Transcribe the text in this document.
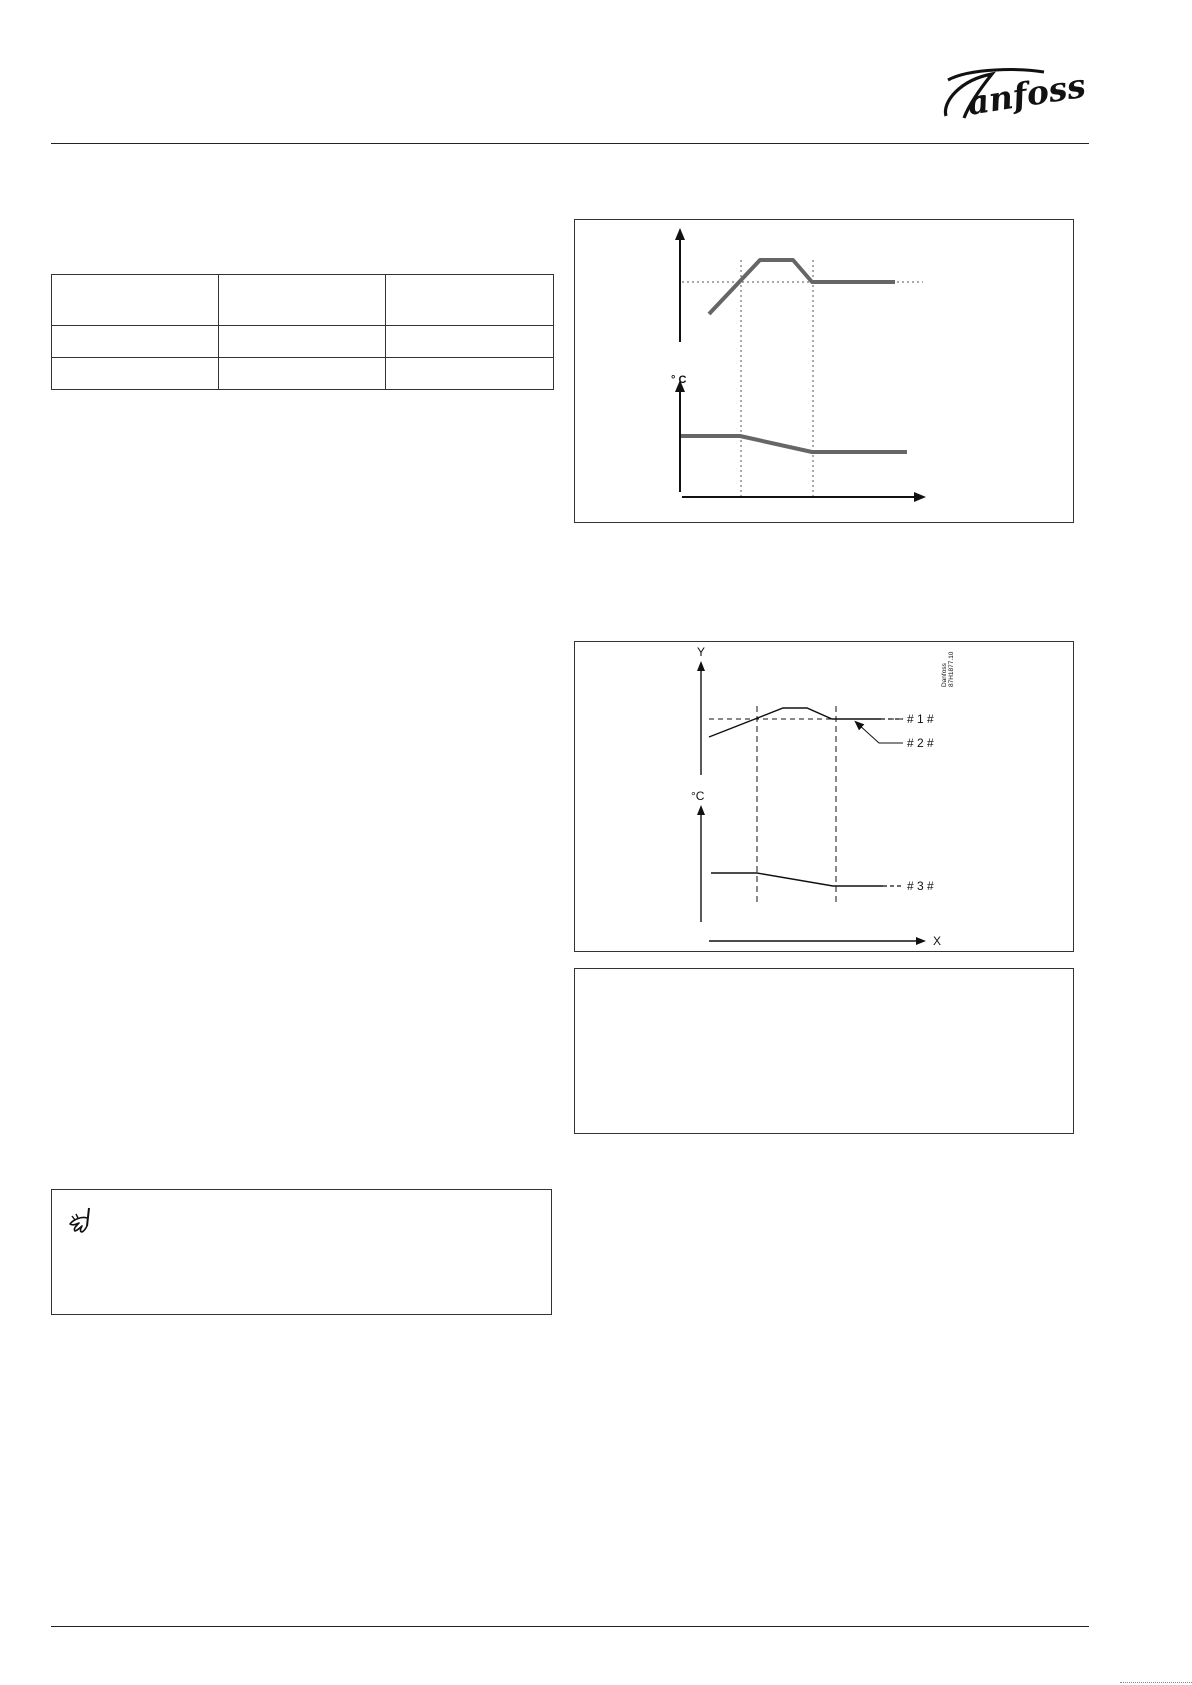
anfoss

° C
Y
Danfoss 87H1877.10
# 1 #
# 2 #
°C
# 3 #
X
